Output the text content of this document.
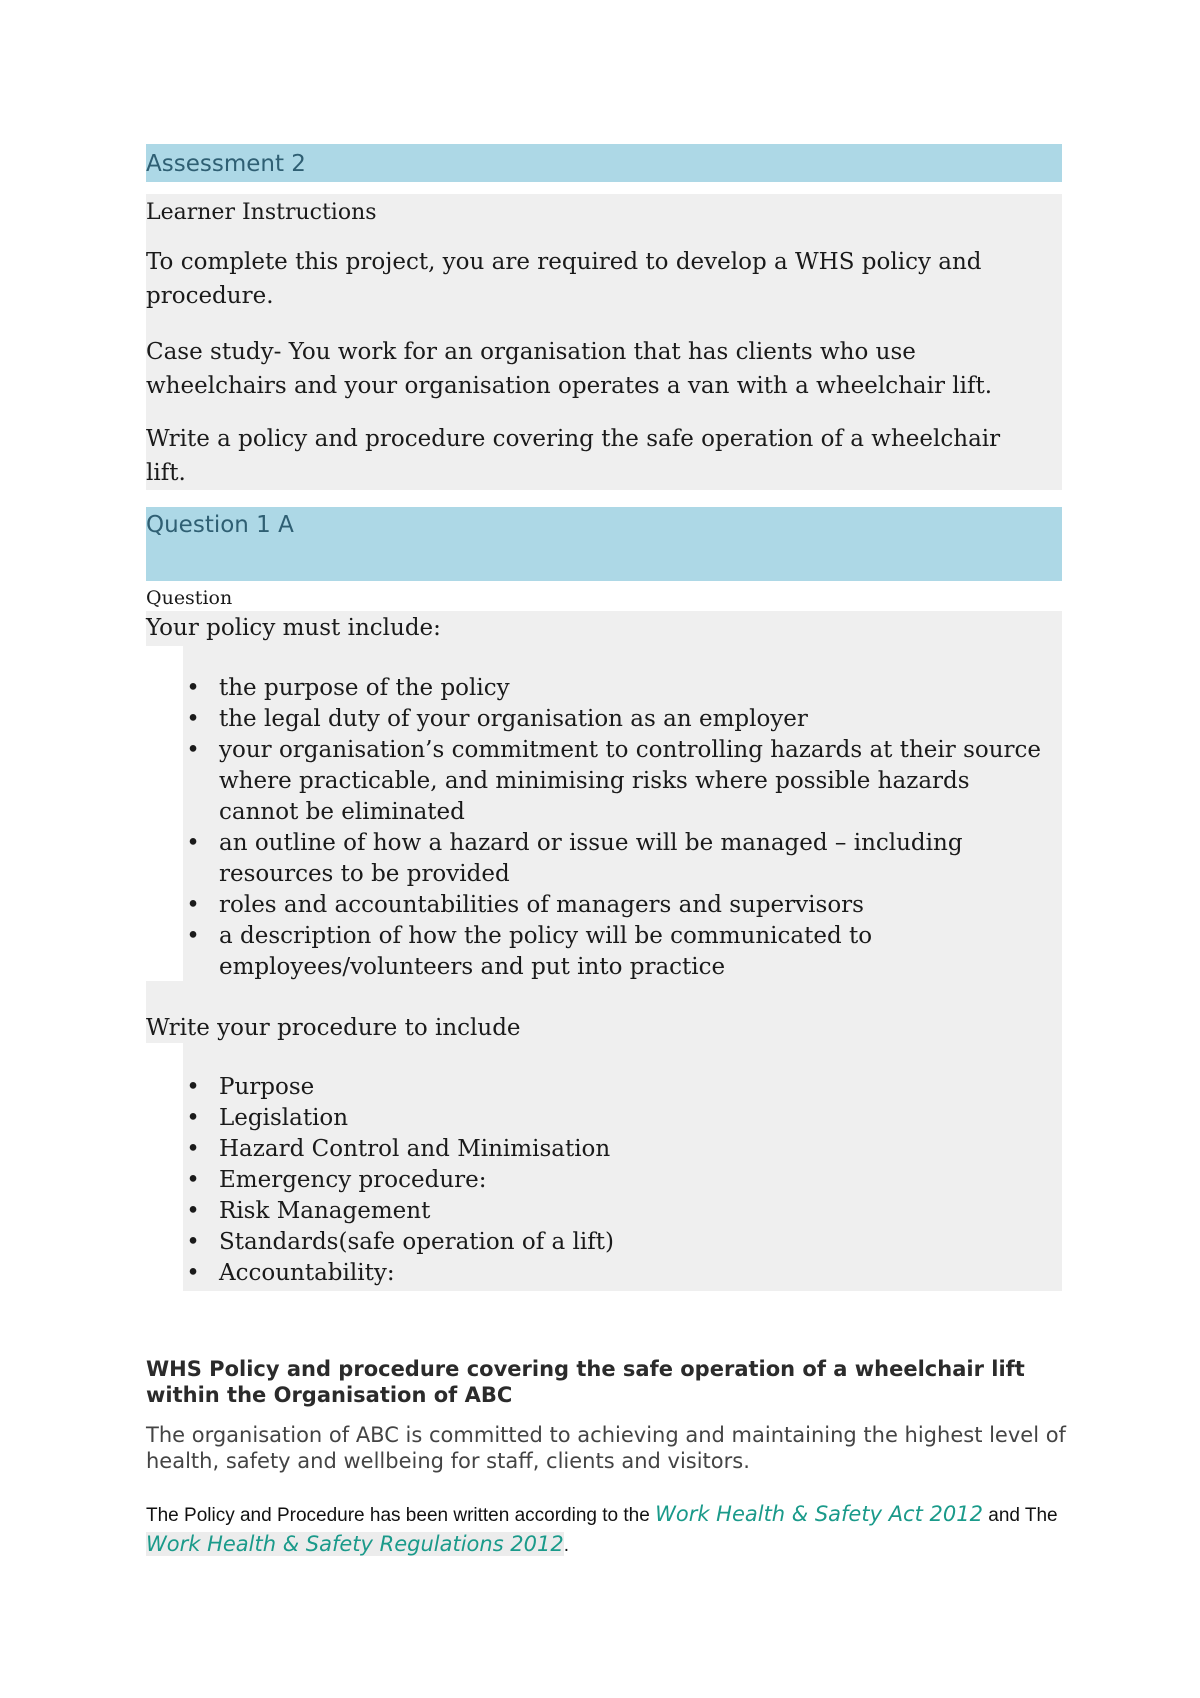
Assessment 2
Learner Instructions
To complete this project, you are required to develop a WHS policy and procedure.
Case study- You work for an organisation that has clients who use wheelchairs and your organisation operates a van with a wheelchair lift.
Write a policy and procedure covering the safe operation of a wheelchair lift.
Question 1 A
Question
Your policy must include:
• the purpose of the policy
• the legal duty of your organisation as an employer
• your organisation’s commitment to controlling hazards at their source where practicable, and minimising risks where possible hazards cannot be eliminated
• an outline of how a hazard or issue will be managed – including resources to be provided
• roles and accountabilities of managers and supervisors
• a description of how the policy will be communicated to employees/volunteers and put into practice
Write your procedure to include
• Purpose
• Legislation
• Hazard Control and Minimisation
• Emergency procedure:
• Risk Management
• Standards(safe operation of a lift)
• Accountability:
WHS Policy and procedure covering the safe operation of a wheelchair lift within the Organisation of ABC
The organisation of ABC is committed to achieving and maintaining the highest level of health, safety and wellbeing for staff, clients and visitors.
The Policy and Procedure has been written according to the Work Health & Safety Act 2012 and The Work Health & Safety Regulations 2012.
